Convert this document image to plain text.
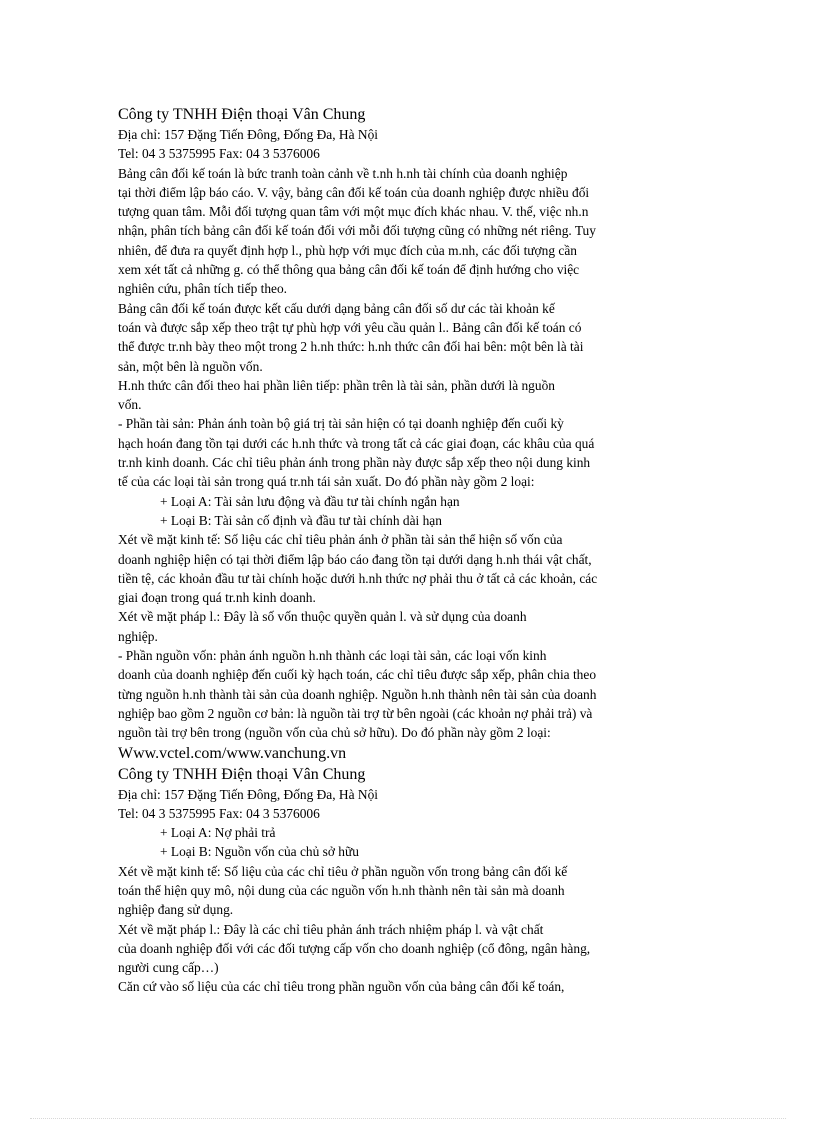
Công ty TNHH Điện thoại Vân Chung
Địa chỉ: 157 Đặng Tiến Đông, Đống Đa, Hà Nội
Tel: 04 3 5375995 Fax: 04 3 5376006
Bảng cân đối kế toán là bức tranh toàn cảnh về t.nh h.nh tài chính của doanh nghiệp
tại thời điểm lập báo cáo. V. vậy, bảng cân đối kế toán của doanh nghiệp được nhiều đối
tượng quan tâm. Mỗi đối tượng quan tâm với một mục đích khác nhau. V. thế, việc nh.n
nhận, phân tích bảng cân đối kế toán đối với mỗi đối tượng cũng có những nét riêng. Tuy
nhiên, để đưa ra quyết định hợp l., phù hợp với mục đích của m.nh, các đối tượng cần
xem xét tất cả những g. có thể thông qua bảng cân đối kế toán để định hướng cho việc
nghiên cứu, phân tích tiếp theo.
Bảng cân đối kế toán được kết cấu dưới dạng bảng cân đối số dư các tài khoản kế
toán và được sắp xếp theo trật tự phù hợp với yêu cầu quản l.. Bảng cân đối kế toán có
thể được tr.nh bày theo một trong 2 h.nh thức: h.nh thức cân đối hai bên: một bên là tài
sản, một bên là nguồn vốn.
H.nh thức cân đối theo hai phần liên tiếp: phần trên là tài sản, phần dưới là nguồn
vốn.
- Phần tài sản: Phản ánh toàn bộ giá trị tài sản hiện có tại doanh nghiệp đến cuối kỳ
hạch hoán đang tồn tại dưới các h.nh thức và trong tất cả các giai đoạn, các khâu của quá
tr.nh kinh doanh. Các chỉ tiêu phản ánh trong phần này được sắp xếp theo nội dung kinh
tế của các loại tài sản trong quá tr.nh tái sản xuất. Do đó phần này gồm 2 loại:
+ Loại A: Tài sản lưu động và đầu tư tài chính ngắn hạn
+ Loại B: Tài sản cố định và đầu tư tài chính dài hạn
Xét về mặt kinh tế: Số liệu các chỉ tiêu phản ánh ở phần tài sản thể hiện số vốn của
doanh nghiệp hiện có tại thời điểm lập báo cáo đang tồn tại dưới dạng h.nh thái vật chất,
tiền tệ, các khoản đầu tư tài chính hoặc dưới h.nh thức nợ phải thu ở tất cả các khoản, các
giai đoạn trong quá tr.nh kinh doanh.
Xét về mặt pháp l.: Đây là số vốn thuộc quyền quản l. và sử dụng của doanh
nghiệp.
- Phần nguồn vốn: phản ánh nguồn h.nh thành các loại tài sản, các loại vốn kinh
doanh của doanh nghiệp đến cuối kỳ hạch toán, các chỉ tiêu được sắp xếp, phân chia theo
từng nguồn h.nh thành tài sản của doanh nghiệp. Nguồn h.nh thành nên tài sản của doanh
nghiệp bao gồm 2 nguồn cơ bản: là nguồn tài trợ từ bên ngoài (các khoản nợ phải trả) và
nguồn tài trợ bên trong (nguồn vốn của chủ sở hữu). Do đó phần này gồm 2 loại:
Www.vctel.com/www.vanchung.vn
Công ty TNHH Điện thoại Vân Chung
Địa chỉ: 157 Đặng Tiến Đông, Đống Đa, Hà Nội
Tel: 04 3 5375995 Fax: 04 3 5376006
+ Loại A: Nợ phải trả
+ Loại B: Nguồn vốn của chủ sở hữu
Xét về mặt kinh tế: Số liệu của các chỉ tiêu ở phần nguồn vốn trong bảng cân đối kế
toán thể hiện quy mô, nội dung của các nguồn vốn h.nh thành nên tài sản mà doanh
nghiệp đang sử dụng.
Xét về mặt pháp l.: Đây là các chỉ tiêu phản ánh trách nhiệm pháp l. và vật chất
của doanh nghiệp đối với các đối tượng cấp vốn cho doanh nghiệp (cổ đông, ngân hàng,
người cung cấp…)
Căn cứ vào số liệu của các chỉ tiêu trong phần nguồn vốn của bảng cân đối kế toán,
